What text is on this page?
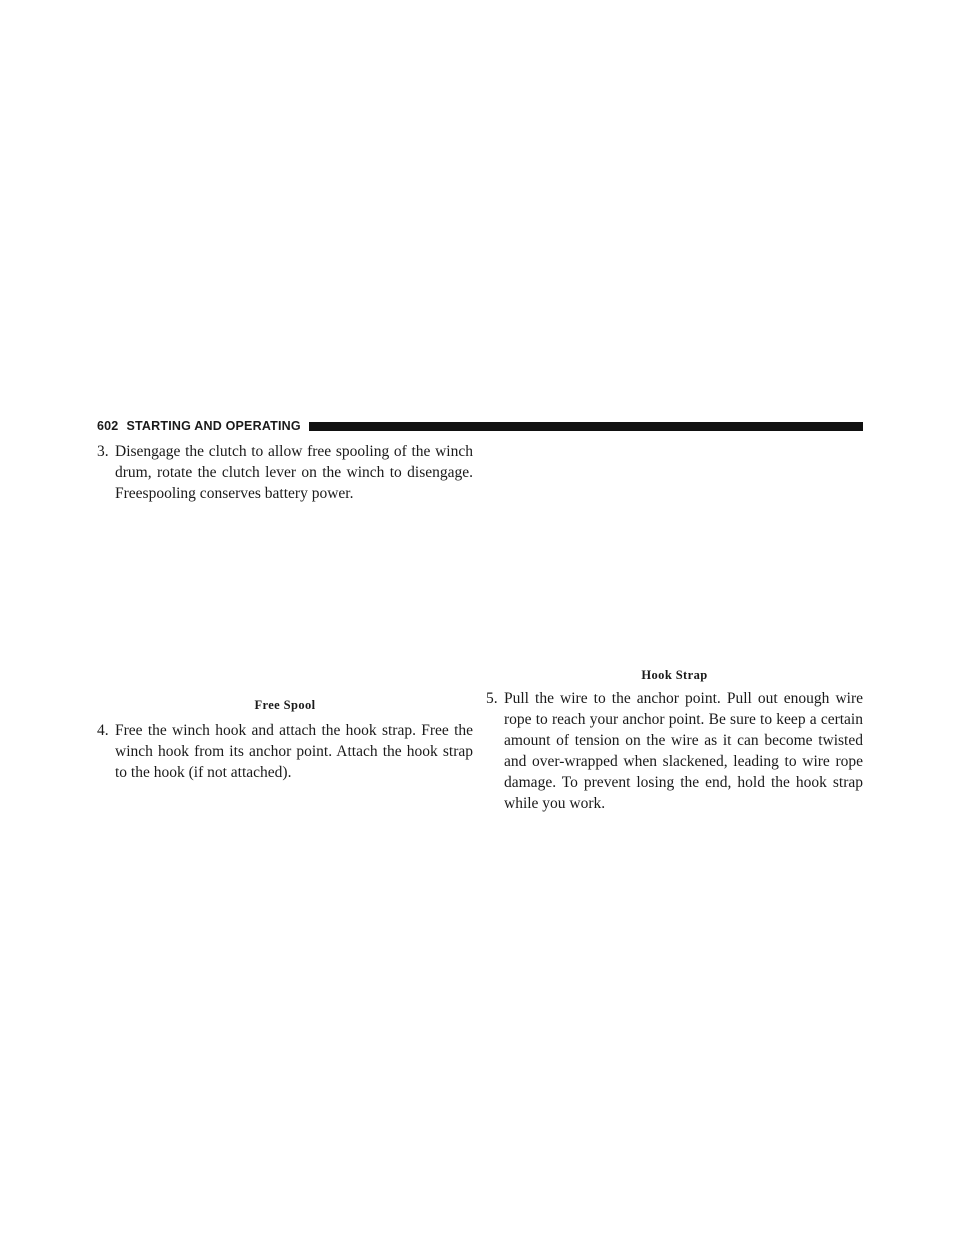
602 STARTING AND OPERATING

3. Disengage the clutch to allow free spooling of the winch drum, rotate the clutch lever on the winch to disengage. Freespooling conserves battery power.

Free Spool

4. Free the winch hook and attach the hook strap. Free the winch hook from its anchor point. Attach the hook strap to the hook (if not attached).

Hook Strap

5. Pull the wire to the anchor point. Pull out enough wire rope to reach your anchor point. Be sure to keep a certain amount of tension on the wire as it can become twisted and over-wrapped when slackened, leading to wire rope damage. To prevent losing the end, hold the hook strap while you work.
